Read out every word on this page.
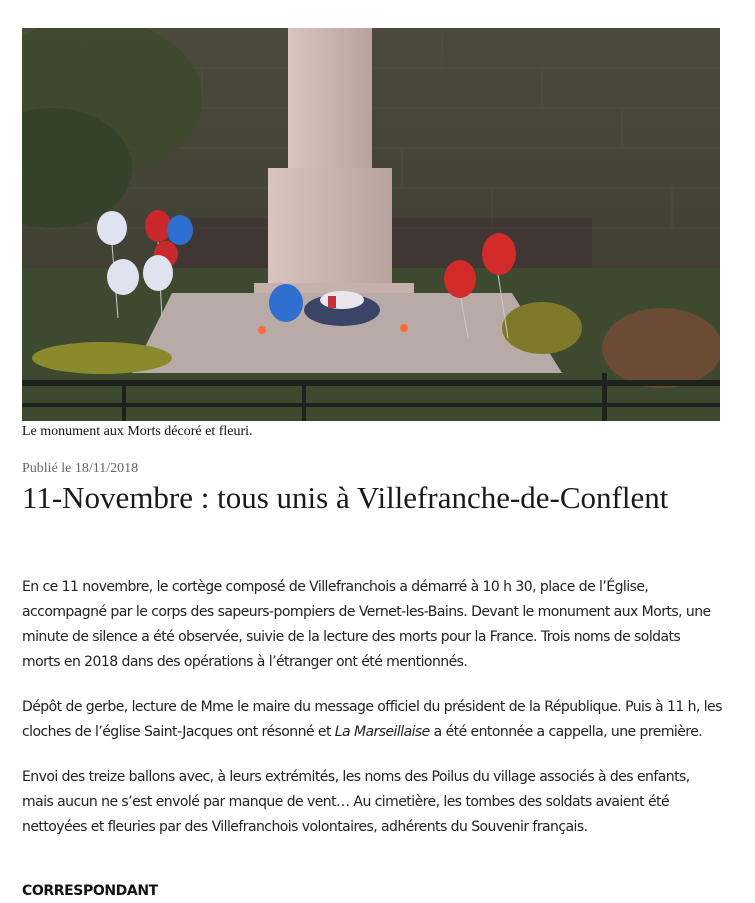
Le monument aux Morts décoré et fleuri.
Publié le 18/11/2018
11-Novembre : tous unis à Villefranche-de-Conflent

En ce 11 novembre, le cortège composé de Villefranchois a démarré à 10 h 30, place de l’Église, accompagné par le corps des sapeurs-pompiers de Vernet-les-Bains. Devant le monument aux Morts, une minute de silence a été observée, suivie de la lecture des morts pour la France. Trois noms de soldats morts en 2018 dans des opérations à l’étranger ont été mentionnés.

Dépôt de gerbe, lecture de Mme le maire du message officiel du président de la République. Puis à 11 h, les cloches de l’église Saint-Jacques ont résonné et La Marseillaise a été entonnée a cappella, une première.

Envoi des treize ballons avec, à leurs extrémités, les noms des Poilus du village associés à des enfants, mais aucun ne s’est envolé par manque de vent… Au cimetière, les tombes des soldats avaient été nettoyées et fleuries par des Villefranchois volontaires, adhérents du Souvenir français.

CORRESPONDANT
